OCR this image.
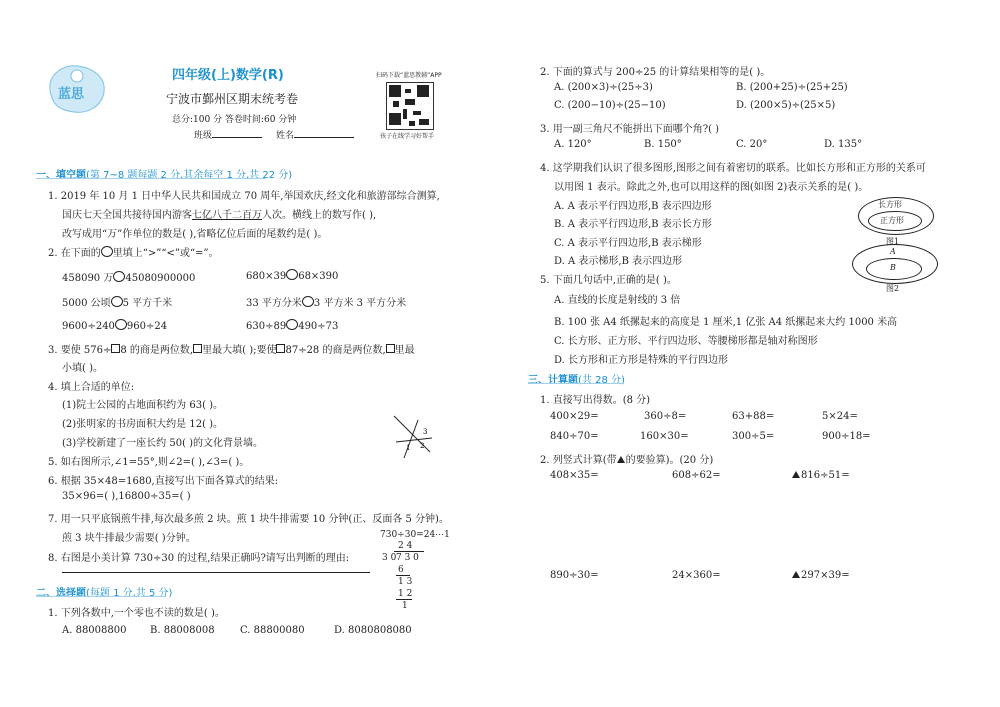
蓝思
四年级(上)数学(R)
宁波市鄞州区期末统考卷
总分:100 分 答卷时间:60 分钟
班级	姓名
扫码下载“蓝思教辅”APP
孩子在线学习好帮手
一、填空题(第 7~8 题每题 2 分,其余每空 1 分,共 22 分)
1. 2019 年 10 月 1 日中华人民共和国成立 70 周年,举国欢庆,经文化和旅游部综合测算,
国庆七天全国共接待国内游客七亿八千二百万人次。横线上的数写作( ),
改写成用“万”作单位的数是( ),省略亿位后面的尾数约是( )。
2. 在下面的 里填上“>”“<”或“=”。
458090 万 45080900000	680×39 68×390
5000 公顷 5 平方千米	33 平方分米 3 平方米 3 平方分米
9600÷240 960÷24	630÷89 490÷73
3. 要使 576÷ 8 的商是两位数, 里最大填( );要使 87÷28 的商是两位数, 里最
小填( )。
4. 填上合适的单位:
(1)院士公园的占地面积约为 63( )。
(2)张明家的书房面积大约是 12( )。
(3)学校新建了一座长约 50( )的文化背景墙。	1 2
3
5. 如右图所示,∠1=55°,则∠2=( ),∠3=( )。
6. 根据 35×48=1680,直接写出下面各算式的结果:
35×96=( ),16800÷35=( )
7. 用一只平底锅煎牛排,每次最多煎 2 块。煎 1 块牛排需要 10 分钟(正、反面各 5 分钟)。
煎 3 块牛排最少需要( )分钟。
8. 右图是小美计算 730÷30 的过程,结果正确吗?请写出判断的理由:
730÷30=24⋯1
2 4
3 0 7 3 0
6
1 3
1 2
1
二、选择题(每题 1 分,共 5 分)
1. 下列各数中,一个零也不读的数是( )。
A. 88008800 B. 88008008	C. 88800080	D. 8080808080
2. 下面的算式与 200÷25 的计算结果相等的是( )。
A. (200×3)÷(25÷3)	B. (200+25)÷(25+25)
C. (200−10)÷(25−10)	D. (200×5)÷(25×5)
3. 用一副三角尺不能拼出下面哪个角?( )
A. 120°	B. 150°	C. 20°	D. 135°
4. 这学期我们认识了很多图形,图形之间有着密切的联系。比如长方形和正方形的关系可
以用图 1 表示。除此之外,也可以用这样的图(如图 2)表示关系的是( )。
A. A 表示平行四边形,B 表示四边形
B. A 表示平行四边形,B 表示长方形
C. A 表示平行四边形,B 表示梯形
D. A 表示梯形,B 表示四边形
长方形
正方形
图1
A
B
图2
5. 下面几句话中,正确的是( )。
A. 直线的长度是射线的 3 倍
B. 100 张 A4 纸摞起来的高度是 1 厘米,1 亿张 A4 纸摞起来大约 1000 米高
C. 长方形、正方形、平行四边形、等腰梯形都是轴对称图形
D. 长方形和正方形是特殊的平行四边形
三、计算题(共 28 分)
1. 直接写出得数。(8 分)
400×29=	360÷8=	63+88=	5×24=
840÷70=	160×30=	300÷5=	900÷18=
2. 列竖式计算(带 的要验算)。(20 分)
408×35=	608÷62=	816÷51=
890÷30=	24×360=	297×39=
